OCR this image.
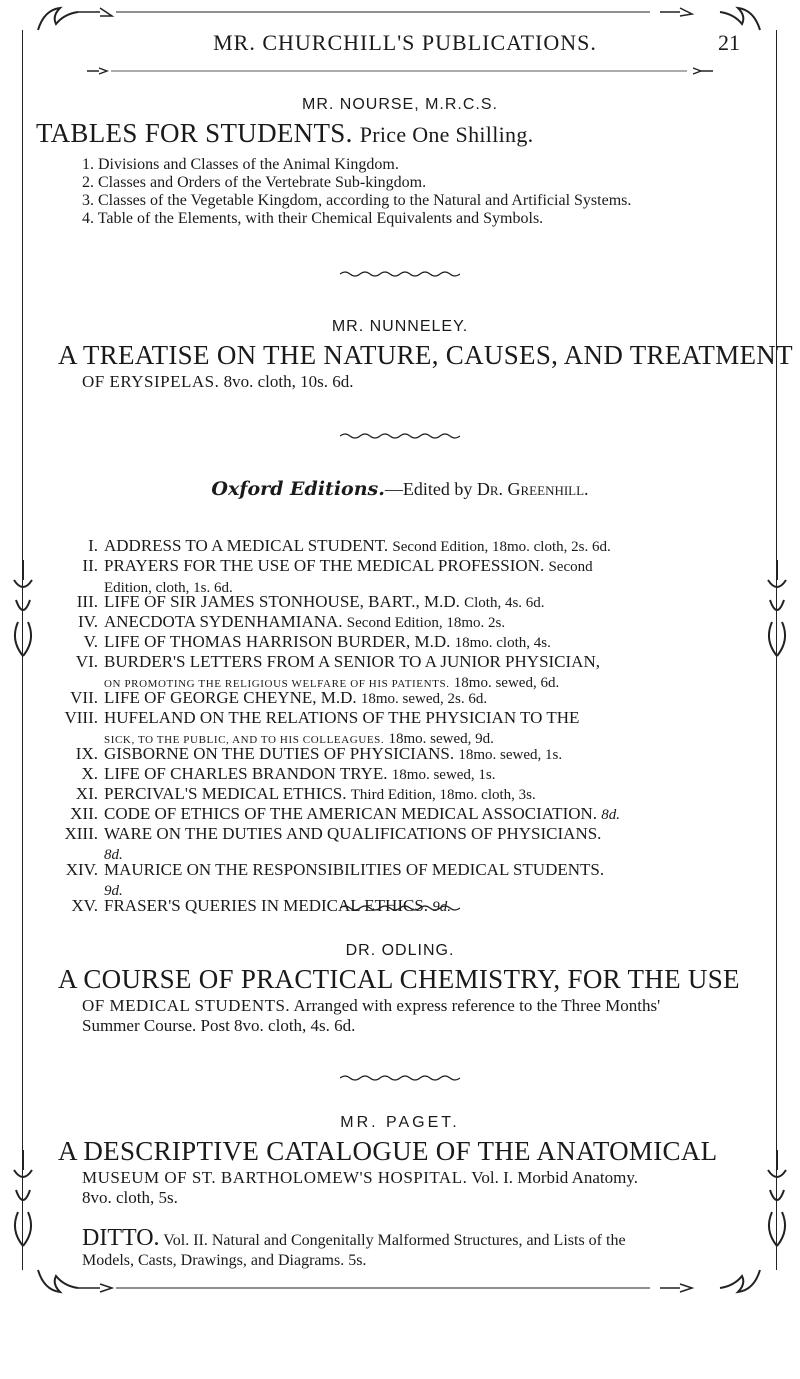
MR. CHURCHILL'S PUBLICATIONS.	21
MR. NOURSE, M.R.C.S.
TABLES FOR STUDENTS. Price One Shilling.
1. Divisions and Classes of the Animal Kingdom.
2. Classes and Orders of the Vertebrate Sub-kingdom.
3. Classes of the Vegetable Kingdom, according to the Natural and Artificial Systems.
4. Table of the Elements, with their Chemical Equivalents and Symbols.
MR. NUNNELEY.
A TREATISE ON THE NATURE, CAUSES, AND TREATMENT
OF ERYSIPELAS. 8vo. cloth, 10s. 6d.
Oxford Editions.—Edited by Dr. Greenhill.
I. ADDRESS TO A MEDICAL STUDENT. Second Edition, 18mo. cloth, 2s. 6d.
II. PRAYERS FOR THE USE OF THE MEDICAL PROFESSION. Second
Edition, cloth, 1s. 6d.
III. LIFE OF SIR JAMES STONHOUSE, BART., M.D. Cloth, 4s. 6d.
IV. ANECDOTA SYDENHAMIANA. Second Edition, 18mo. 2s.
V. LIFE OF THOMAS HARRISON BURDER, M.D. 18mo. cloth, 4s.
VI. BURDER'S LETTERS FROM A SENIOR TO A JUNIOR PHYSICIAN,
ON PROMOTING THE RELIGIOUS WELFARE OF HIS PATIENTS. 18mo. sewed, 6d.
VII. LIFE OF GEORGE CHEYNE, M.D. 18mo. sewed, 2s. 6d.
VIII. HUFELAND ON THE RELATIONS OF THE PHYSICIAN TO THE
SICK, TO THE PUBLIC, AND TO HIS COLLEAGUES. 18mo. sewed, 9d.
IX. GISBORNE ON THE DUTIES OF PHYSICIANS. 18mo. sewed, 1s.
X. LIFE OF CHARLES BRANDON TRYE. 18mo. sewed, 1s.
XI. PERCIVAL'S MEDICAL ETHICS. Third Edition, 18mo. cloth, 3s.
XII. CODE OF ETHICS OF THE AMERICAN MEDICAL ASSOCIATION. 8d.
XIII. WARE ON THE DUTIES AND QUALIFICATIONS OF PHYSICIANS.
8d.
XIV. MAURICE ON THE RESPONSIBILITIES OF MEDICAL STUDENTS.
9d.
XV. FRASER'S QUERIES IN MEDICAL ETHICS. 9d.
DR. ODLING.
A COURSE OF PRACTICAL CHEMISTRY, FOR THE USE
OF MEDICAL STUDENTS. Arranged with express reference to the Three Months'
Summer Course. Post 8vo. cloth, 4s. 6d.
MR. PAGET.
A DESCRIPTIVE CATALOGUE OF THE ANATOMICAL
MUSEUM OF ST. BARTHOLOMEW'S HOSPITAL. Vol. I. Morbid Anatomy.
8vo. cloth, 5s.
DITTO. Vol. II. Natural and Congenitally Malformed Structures, and Lists of the
Models, Casts, Drawings, and Diagrams. 5s.
